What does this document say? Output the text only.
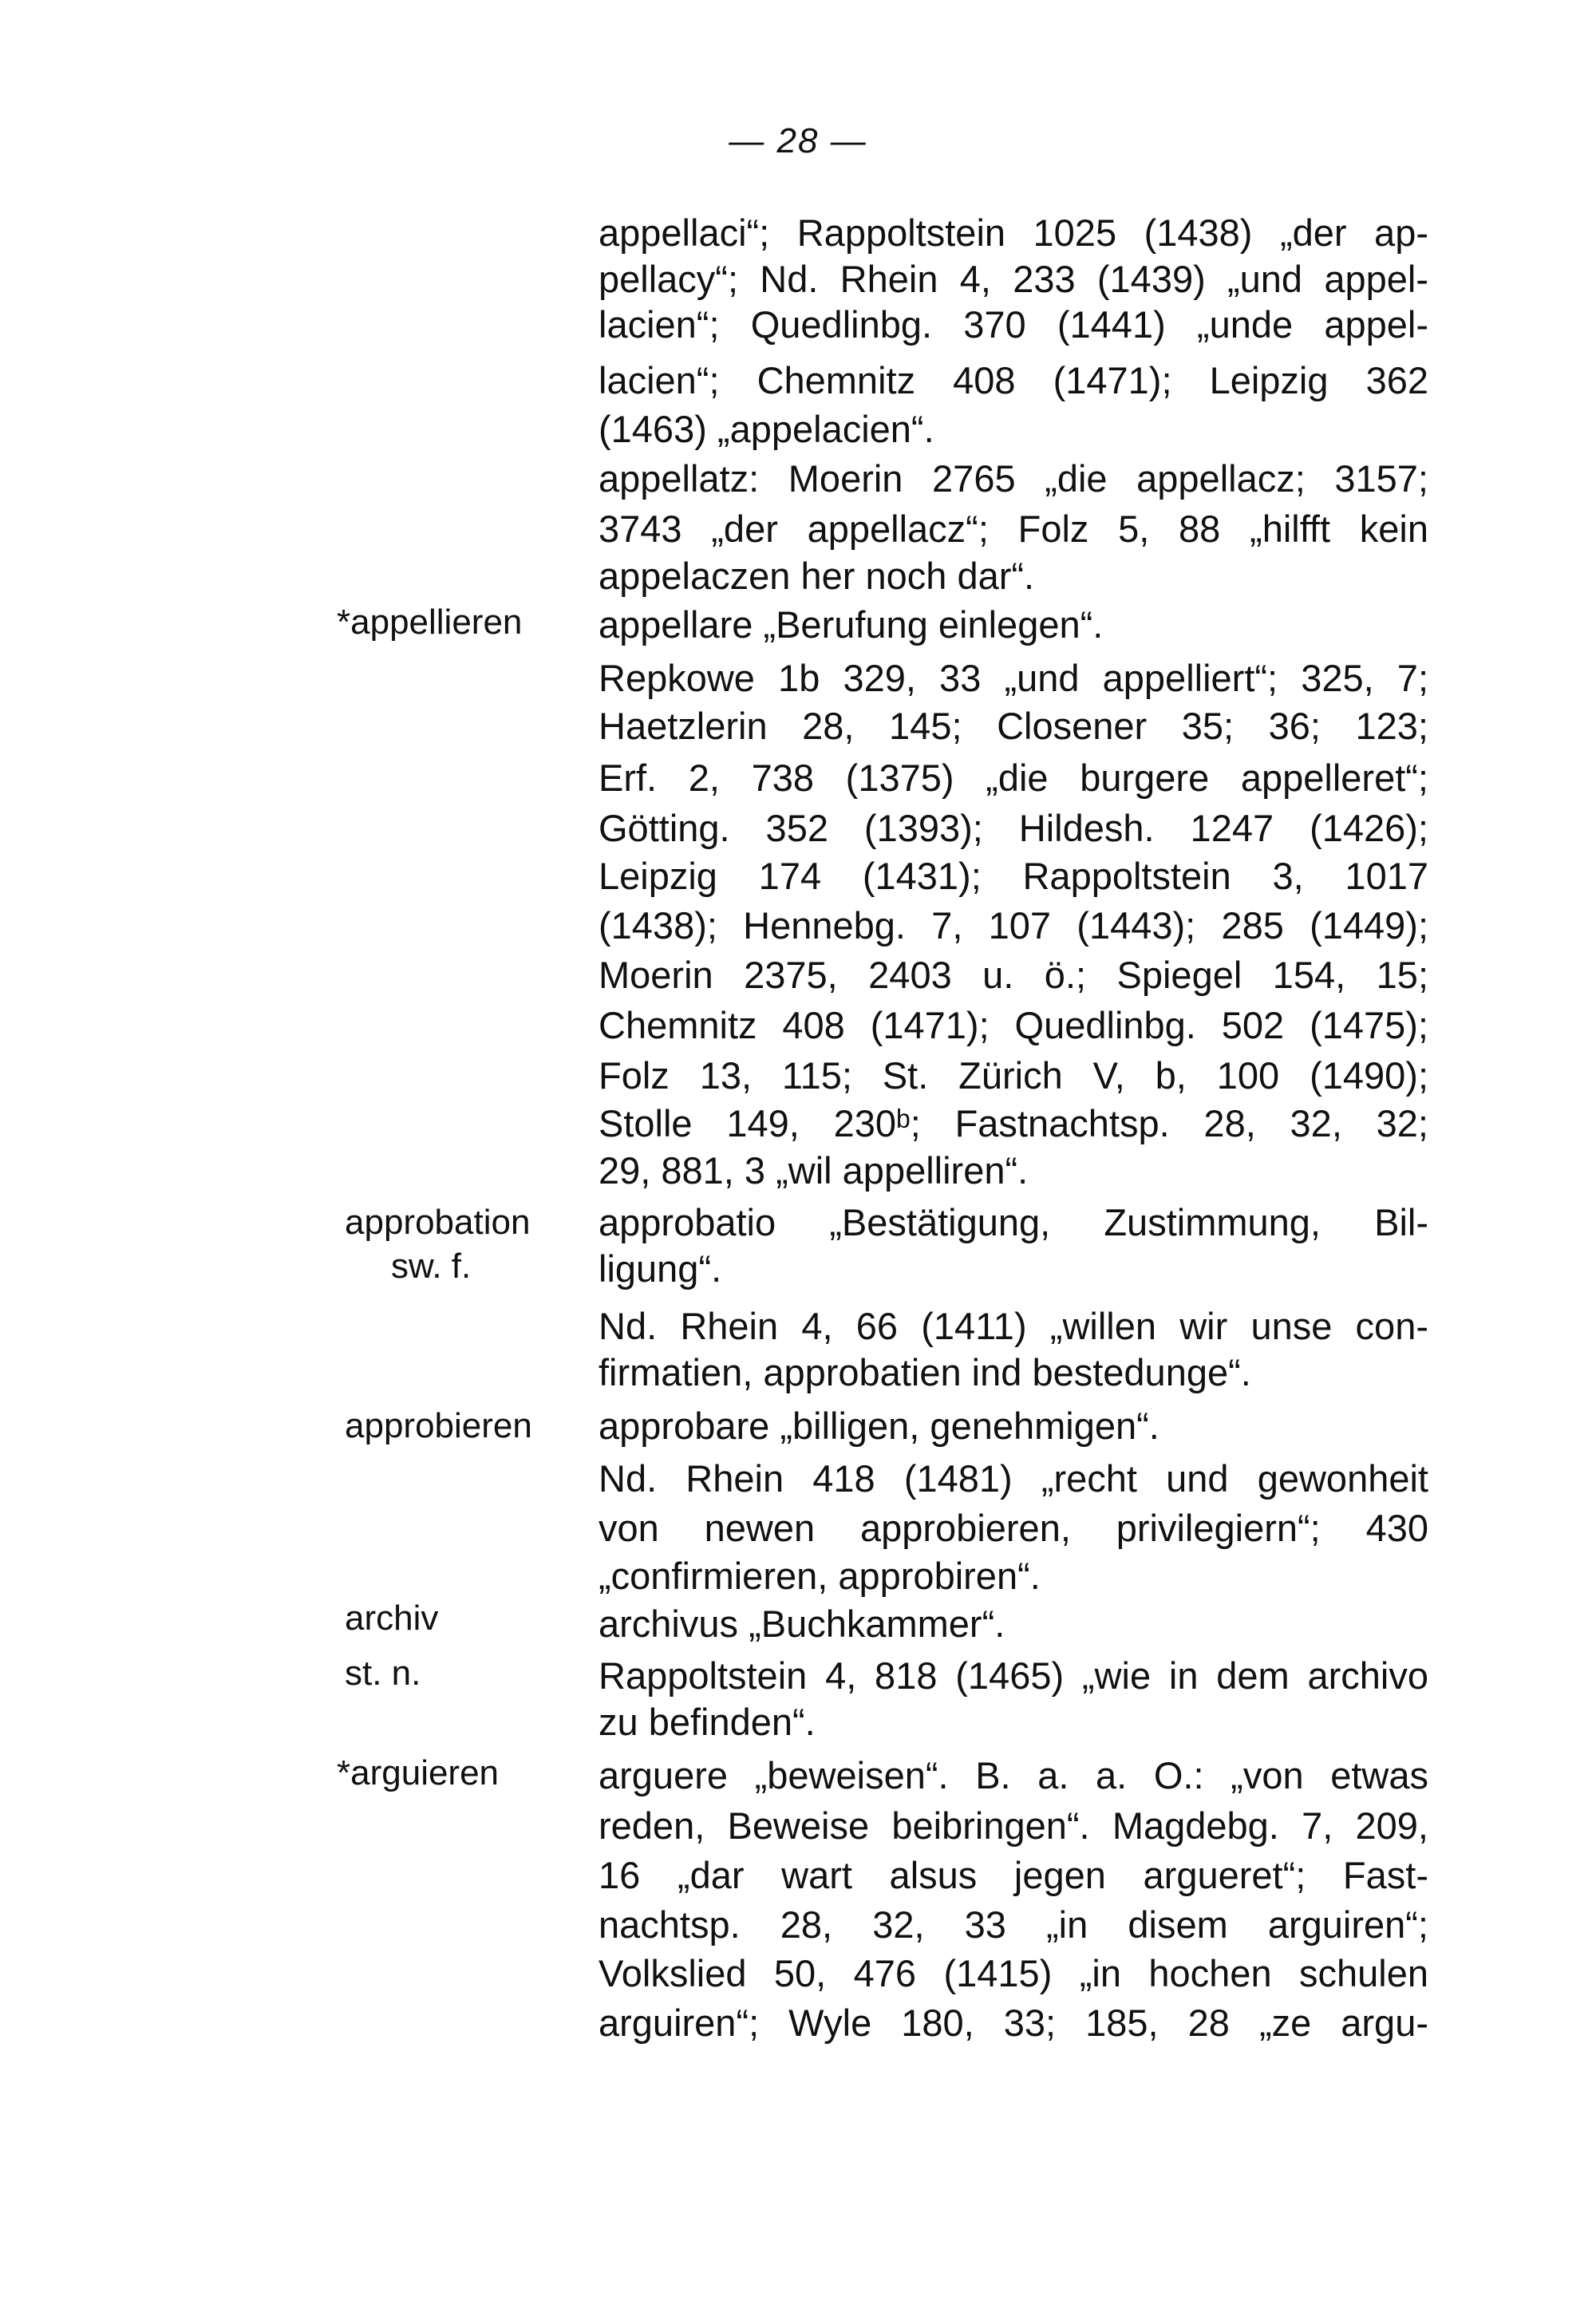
— 28 —
*appellieren
approbation
sw. f.
approbieren
archiv
st. n.
*arguieren
appellaci“; Rappoltstein 1025 (1438) „der ap-
pellacy“; Nd. Rhein 4, 233 (1439) „und appel-
lacien“; Quedlinbg. 370 (1441) „unde appel-
lacien“; Chemnitz 408 (1471); Leipzig 362
(1463) „appelacien“.
appellatz: Moerin 2765 „die appellacz; 3157;
3743 „der appellacz“; Folz 5, 88 „hilfft kein
appelaczen her noch dar“.
appellare „Berufung einlegen“.
Repkowe 1b 329, 33 „und appelliert“; 325, 7;
Haetzlerin 28, 145; Closener 35; 36; 123;
Erf. 2, 738 (1375) „die burgere appelleret“;
Götting. 352 (1393); Hildesh. 1247 (1426);
Leipzig 174 (1431); Rappoltstein 3, 1017
(1438); Hennebg. 7, 107 (1443); 285 (1449);
Moerin 2375, 2403 u. ö.; Spiegel 154, 15;
Chemnitz 408 (1471); Quedlinbg. 502 (1475);
Folz 13, 115; St. Zürich V, b, 100 (1490);
Stolle 149, 230ᵇ; Fastnachtsp. 28, 32, 32;
29, 881, 3 „wil appelliren“.
approbatio „Bestätigung, Zustimmung, Bil-
ligung“.
Nd. Rhein 4, 66 (1411) „willen wir unse con-
firmatien, approbatien ind bestedunge“.
approbare „billigen, genehmigen“.
Nd. Rhein 418 (1481) „recht und gewonheit
von newen approbieren, privilegiern“; 430
„confirmieren, approbiren“.
archivus „Buchkammer“.
Rappoltstein 4, 818 (1465) „wie in dem archivo
zu befinden“.
arguere „beweisen“. B. a. a. O.: „von etwas
reden, Beweise beibringen“. Magdebg. 7, 209,
16 „dar wart alsus jegen argueret“; Fast-
nachtsp. 28, 32, 33 „in disem arguiren“;
Volkslied 50, 476 (1415) „in hochen schulen
arguiren“; Wyle 180, 33; 185, 28 „ze argu-
